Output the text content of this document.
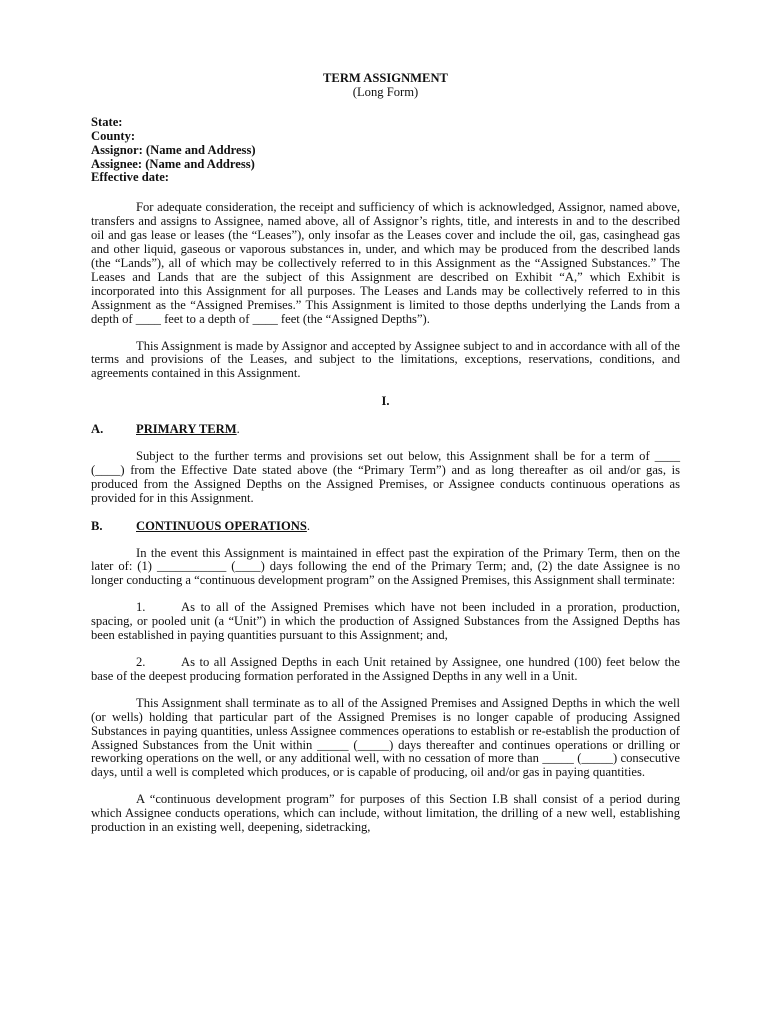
TERM ASSIGNMENT
(Long Form)
State:
County:
Assignor: (Name and Address)
Assignee: (Name and Address)
Effective date:

For adequate consideration, the receipt and sufficiency of which is acknowledged, Assignor, named above, transfers and assigns to Assignee, named above, all of Assignor’s rights, title, and interests in and to the described oil and gas lease or leases (the “Leases”), only insofar as the Leases cover and include the oil, gas, casinghead gas and other liquid, gaseous or vaporous substances in, under, and which may be produced from the described lands (the “Lands”), all of which may be collectively referred to in this Assignment as the “Assigned Substances.” The Leases and Lands that are the subject of this Assignment are described on Exhibit “A,” which Exhibit is incorporated into this Assignment for all purposes. The Leases and Lands may be collectively referred to in this Assignment as the “Assigned Premises.” This Assignment is limited to those depths underlying the Lands from a depth of ____ feet to a depth of ____ feet (the “Assigned Depths”).

This Assignment is made by Assignor and accepted by Assignee subject to and in accordance with all of the terms and provisions of the Leases, and subject to the limitations, exceptions, reservations, conditions, and agreements contained in this Assignment.

I.
A.	PRIMARY TERM.

Subject to the further terms and provisions set out below, this Assignment shall be for a term of ____ (____) from the Effective Date stated above (the “Primary Term”) and as long thereafter as oil and/or gas, is produced from the Assigned Depths on the Assigned Premises, or Assignee conducts continuous operations as provided for in this Assignment.

B.	CONTINUOUS OPERATIONS.

In the event this Assignment is maintained in effect past the expiration of the Primary Term, then on the later of: (1) ___________ (____) days following the end of the Primary Term; and, (2) the date Assignee is no longer conducting a “continuous development program” on the Assigned Premises, this Assignment shall terminate:

1.	As to all of the Assigned Premises which have not been included in a proration, production, spacing, or pooled unit (a “Unit”) in which the production of Assigned Substances from the Assigned Depths has been established in paying quantities pursuant to this Assignment; and,

2.	As to all Assigned Depths in each Unit retained by Assignee, one hundred (100) feet below the base of the deepest producing formation perforated in the Assigned Depths in any well in a Unit.

This Assignment shall terminate as to all of the Assigned Premises and Assigned Depths in which the well (or wells) holding that particular part of the Assigned Premises is no longer capable of producing Assigned Substances in paying quantities, unless Assignee commences operations to establish or re-establish the production of Assigned Substances from the Unit within _____ (_____) days thereafter and continues operations or drilling or reworking operations on the well, or any additional well, with no cessation of more than _____ (_____) consecutive days, until a well is completed which produces, or is capable of producing, oil and/or gas in paying quantities.

A “continuous development program” for purposes of this Section I.B shall consist of a period during which Assignee conducts operations, which can include, without limitation, the drilling of a new well, establishing production in an existing well, deepening, sidetracking,
